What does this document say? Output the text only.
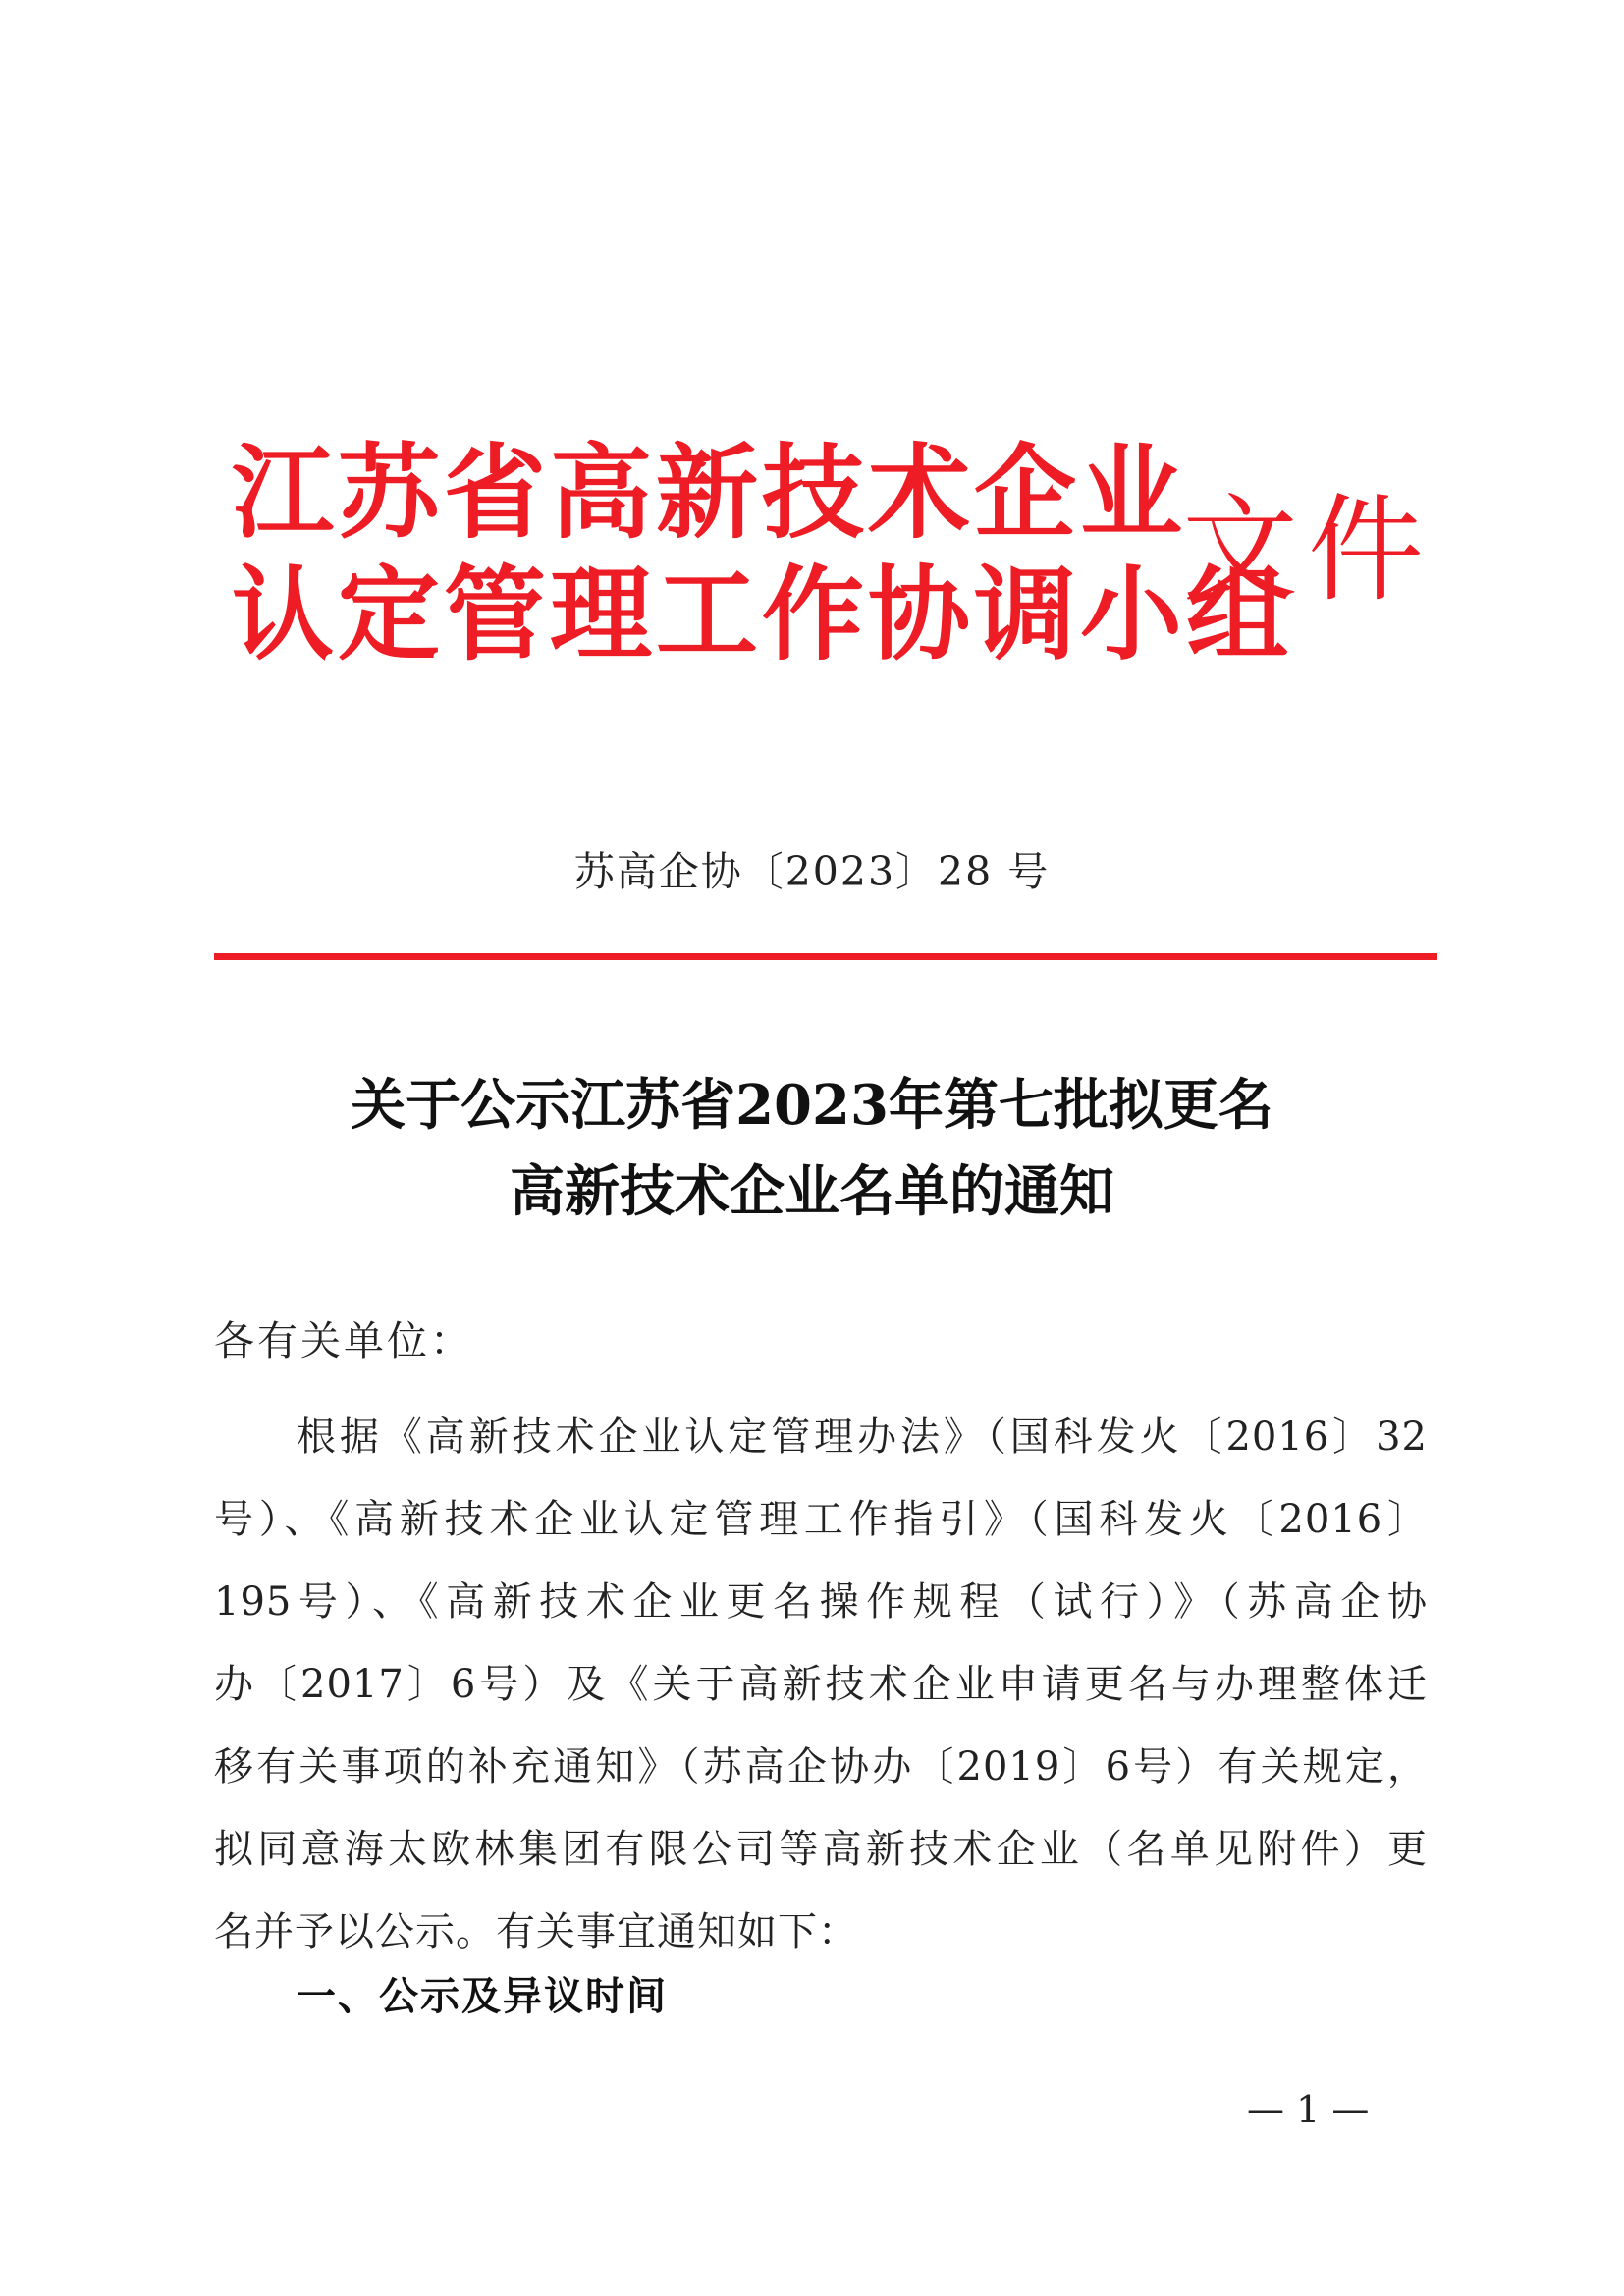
江苏省高新技术企业
认定管理工作协调小组
文件
苏高企协〔2023〕28 号
关于公示江苏省2023年第七批拟更名
高新技术企业名单的通知
各有关单位：
根据《高新技术企业认定管理办法》（国科发火〔2016〕32
号）、《高新技术企业认定管理工作指引》（国科发火〔2016〕
195号）、《高新技术企业更名操作规程（试行）》（苏高企协
办〔2017〕6号）及《关于高新技术企业申请更名与办理整体迁
移有关事项的补充通知》（苏高企协办〔2019〕6号）有关规定，
拟同意海太欧林集团有限公司等高新技术企业（名单见附件）更
名并予以公示。有关事宜通知如下：
一、公示及异议时间
— 1 —
